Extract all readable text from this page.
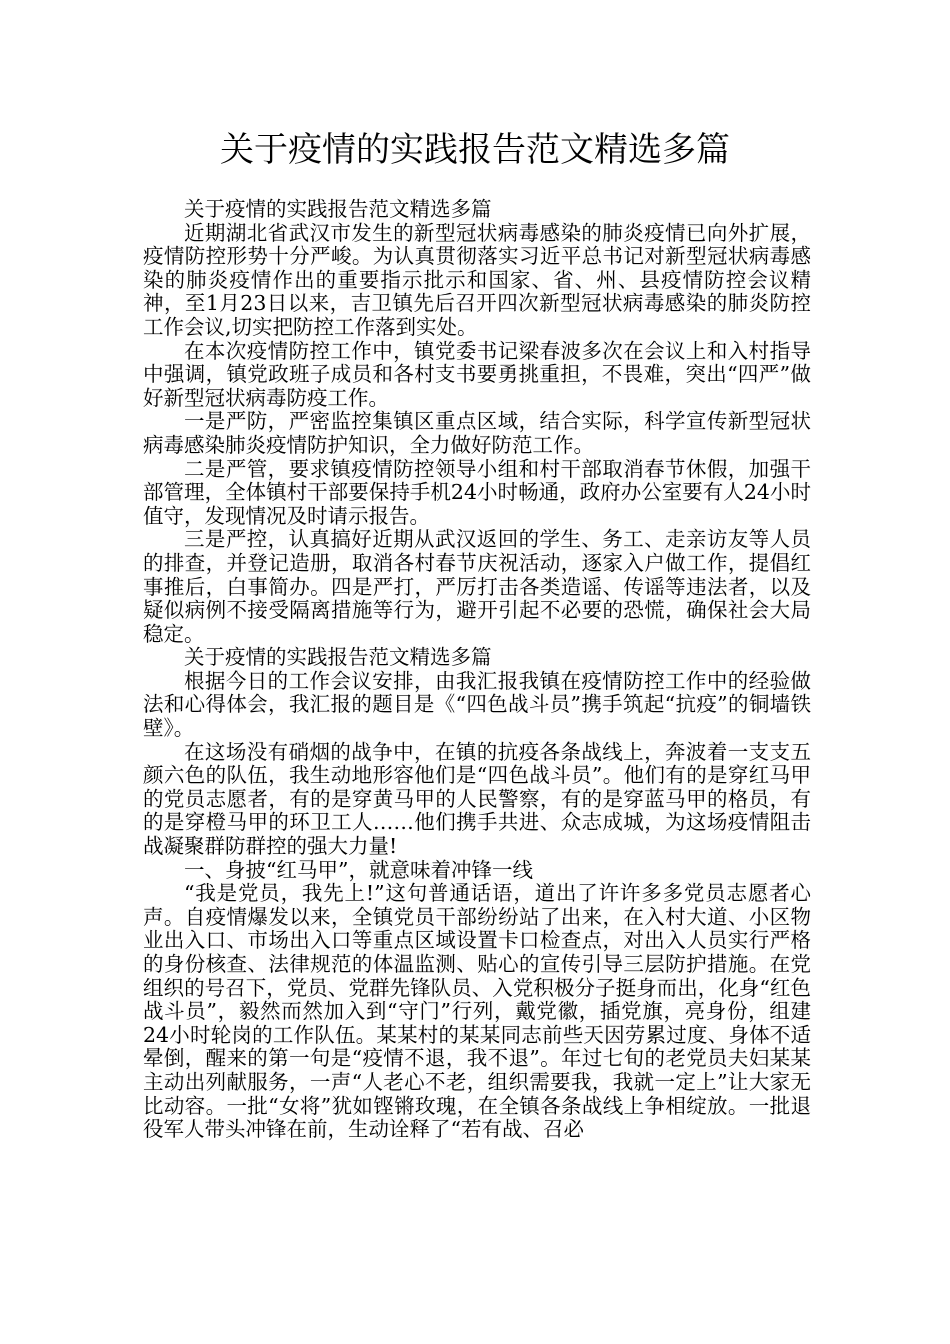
关于疫情的实践报告范文精选多篇

关于疫情的实践报告范文精选多篇

近期湖北省武汉市发生的新型冠状病毒感染的肺炎疫情已向外扩展，疫情防控形势十分严峻。为认真贯彻落实习近平总书记对新型冠状病毒感染的肺炎疫情作出的重要指示批示和国家、省、州、县疫情防控会议精神，至1月23日以来，吉卫镇先后召开四次新型冠状病毒感染的肺炎防控工作会议,切实把防控工作落到实处。

在本次疫情防控工作中，镇党委书记梁春波多次在会议上和入村指导中强调，镇党政班子成员和各村支书要勇挑重担，不畏难，突出“四严”做好新型冠状病毒防疫工作。

一是严防，严密监控集镇区重点区域，结合实际，科学宣传新型冠状病毒感染肺炎疫情防护知识，全力做好防范工作。

二是严管，要求镇疫情防控领导小组和村干部取消春节休假，加强干部管理，全体镇村干部要保持手机24小时畅通，政府办公室要有人24小时值守，发现情况及时请示报告。

三是严控，认真搞好近期从武汉返回的学生、务工、走亲访友等人员的排查，并登记造册，取消各村春节庆祝活动，逐家入户做工作，提倡红事推后，白事简办。四是严打，严厉打击各类造谣、传谣等违法者，以及疑似病例不接受隔离措施等行为，避开引起不必要的恐慌，确保社会大局稳定。

关于疫情的实践报告范文精选多篇

根据今日的工作会议安排，由我汇报我镇在疫情防控工作中的经验做法和心得体会，我汇报的题目是《“四色战斗员”携手筑起“抗疫”的铜墙铁壁》。

在这场没有硝烟的战争中，在镇的抗疫各条战线上，奔波着一支支五颜六色的队伍，我生动地形容他们是“四色战斗员”。他们有的是穿红马甲的党员志愿者，有的是穿黄马甲的人民警察，有的是穿蓝马甲的格员，有的是穿橙马甲的环卫工人……他们携手共进、众志成城，为这场疫情阻击战凝聚群防群控的强大力量!

一、身披“红马甲”，就意味着冲锋一线

“我是党员，我先上!”这句普通话语，道出了许许多多党员志愿者心声。自疫情爆发以来，全镇党员干部纷纷站了出来，在入村大道、小区物业出入口、市场出入口等重点区域设置卡口检查点，对出入人员实行严格的身份核查、法律规范的体温监测、贴心的宣传引导三层防护措施。在党组织的号召下，党员、党群先锋队员、入党积极分子挺身而出，化身“红色战斗员”，毅然而然加入到“守门”行列，戴党徽，插党旗，亮身份，组建24小时轮岗的工作队伍。某某村的某某同志前些天因劳累过度、身体不适晕倒，醒来的第一句是“疫情不退，我不退”。年过七旬的老党员夫妇某某主动出列献服务，一声“人老心不老，组织需要我，我就一定上”让大家无比动容。一批“女将”犹如铿锵玫瑰，在全镇各条战线上争相绽放。一批退役军人带头冲锋在前，生动诠释了“若有战、召必
